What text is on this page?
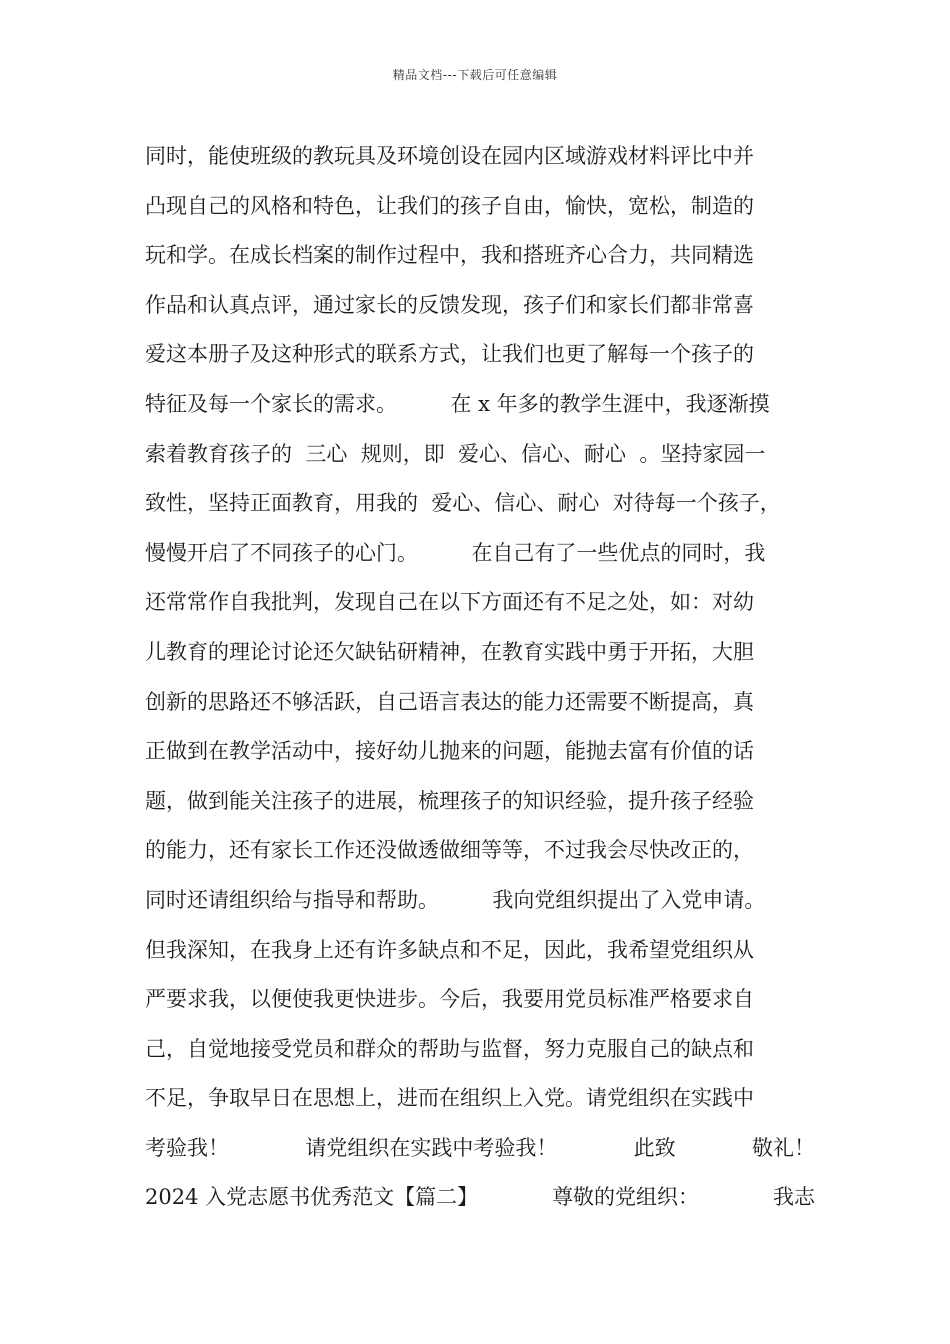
精品文档---下载后可任意编辑
同时，能使班级的教玩具及环境创设在园内区域游戏材料评比中并
凸现自己的风格和特色，让我们的孩子自由，愉快，宽松，制造的
玩和学。在成长档案的制作过程中，我和搭班齐心合力，共同精选
作品和认真点评，通过家长的反馈发现，孩子们和家长们都非常喜
爱这本册子及这种形式的联系方式，让我们也更了解每一个孩子的
特征及每一个家长的需求。        在 x 年多的教学生涯中，我逐渐摸
索着教育孩子的  三心  规则，即  爱心、信心、耐心  。坚持家园一
致性，坚持正面教育，用我的  爱心、信心、耐心  对待每一个孩子，
慢慢开启了不同孩子的心门。        在自己有了一些优点的同时，我
还常常作自我批判，发现自己在以下方面还有不足之处，如：对幼
儿教育的理论讨论还欠缺钻研精神，在教育实践中勇于开拓，大胆
创新的思路还不够活跃，自己语言表达的能力还需要不断提高，真
正做到在教学活动中，接好幼儿抛来的问题，能抛去富有价值的话
题，做到能关注孩子的进展，梳理孩子的知识经验，提升孩子经验
的能力，还有家长工作还没做透做细等等，不过我会尽快改正的，
同时还请组织给与指导和帮助。        我向党组织提出了入党申请。
但我深知，在我身上还有许多缺点和不足，因此，我希望党组织从
严要求我，以便使我更快进步。今后，我要用党员标准严格要求自
己，自觉地接受党员和群众的帮助与监督，努力克服自己的缺点和
不足，争取早日在思想上，进而在组织上入党。请党组织在实践中
考验我！	请党组织在实践中考验我！	此致	敬礼！
2024 入党志愿书优秀范文【篇二】	尊敬的党组织：	我志
